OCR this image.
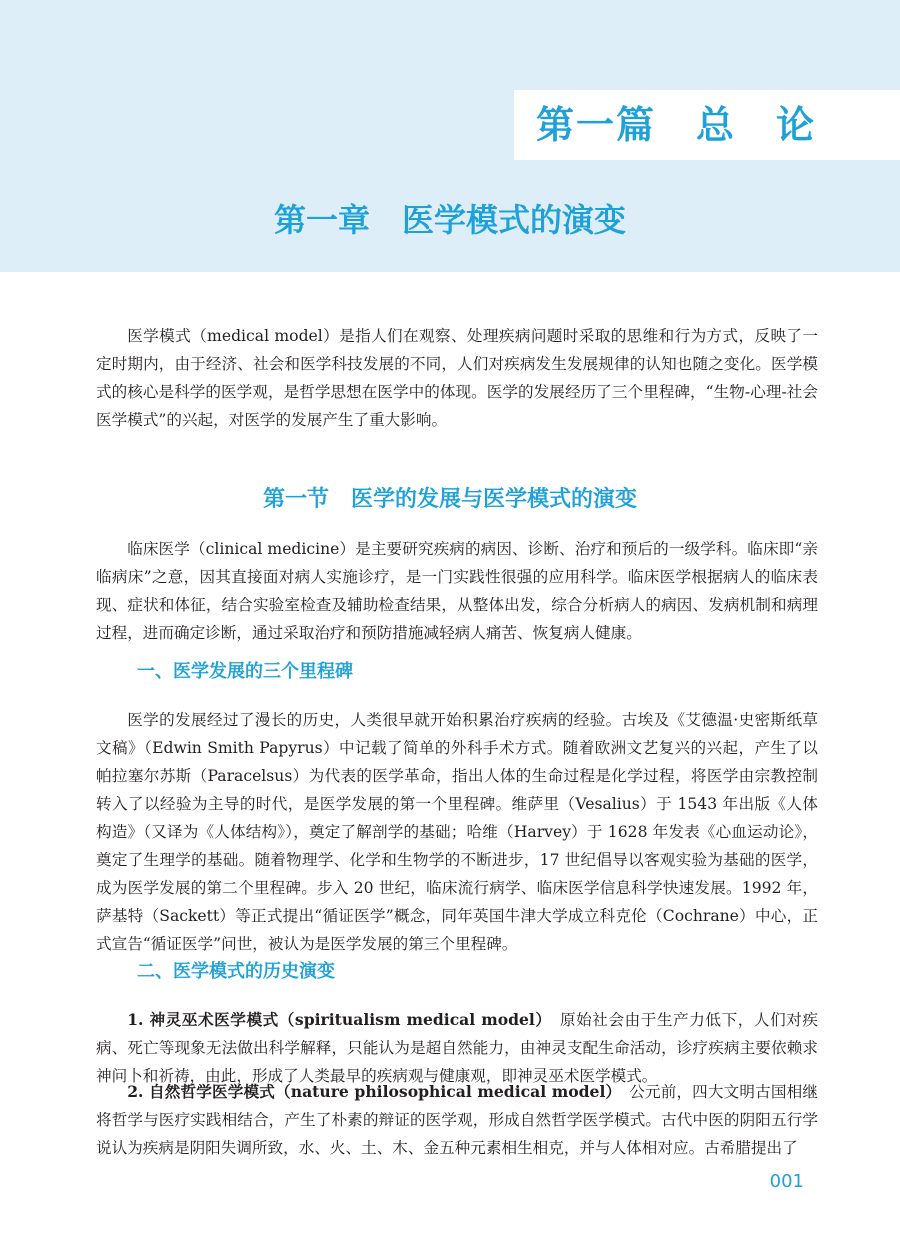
第一篇　总　论
第一章　医学模式的演变

医学模式（medical model）是指人们在观察、处理疾病问题时采取的思维和行为方式，反映了一定时期内，由于经济、社会和医学科技发展的不同，人们对疾病发生发展规律的认知也随之变化。医学模式的核心是科学的医学观，是哲学思想在医学中的体现。医学的发展经历了三个里程碑，“生物-心理-社会医学模式”的兴起，对医学的发展产生了重大影响。

第一节　医学的发展与医学模式的演变

临床医学（clinical medicine）是主要研究疾病的病因、诊断、治疗和预后的一级学科。临床即“亲临病床”之意，因其直接面对病人实施诊疗，是一门实践性很强的应用科学。临床医学根据病人的临床表现、症状和体征，结合实验室检查及辅助检查结果，从整体出发，综合分析病人的病因、发病机制和病理过程，进而确定诊断，通过采取治疗和预防措施减轻病人痛苦、恢复病人健康。

一、医学发展的三个里程碑

医学的发展经过了漫长的历史，人类很早就开始积累治疗疾病的经验。古埃及《艾德温·史密斯纸草文稿》（Edwin Smith Papyrus）中记载了简单的外科手术方式。随着欧洲文艺复兴的兴起，产生了以帕拉塞尔苏斯（Paracelsus）为代表的医学革命，指出人体的生命过程是化学过程，将医学由宗教控制转入了以经验为主导的时代，是医学发展的第一个里程碑。维萨里（Vesalius）于 1543 年出版《人体构造》（又译为《人体结构》），奠定了解剖学的基础；哈维（Harvey）于 1628 年发表《心血运动论》，奠定了生理学的基础。随着物理学、化学和生物学的不断进步，17 世纪倡导以客观实验为基础的医学，成为医学发展的第二个里程碑。步入 20 世纪，临床流行病学、临床医学信息科学快速发展。1992 年，萨基特（Sackett）等正式提出“循证医学”概念，同年英国牛津大学成立科克伦（Cochrane）中心，正式宣告“循证医学”问世，被认为是医学发展的第三个里程碑。

二、医学模式的历史演变

1. 神灵巫术医学模式（spiritualism medical model）　原始社会由于生产力低下，人们对疾病、死亡等现象无法做出科学解释，只能认为是超自然能力，由神灵支配生命活动，诊疗疾病主要依赖求神问卜和祈祷，由此，形成了人类最早的疾病观与健康观，即神灵巫术医学模式。

2. 自然哲学医学模式（nature philosophical medical model）　公元前，四大文明古国相继将哲学与医疗实践相结合，产生了朴素的辩证的医学观，形成自然哲学医学模式。古代中医的阴阳五行学说认为疾病是阴阳失调所致，水、火、土、木、金五种元素相生相克，并与人体相对应。古希腊提出了

001
